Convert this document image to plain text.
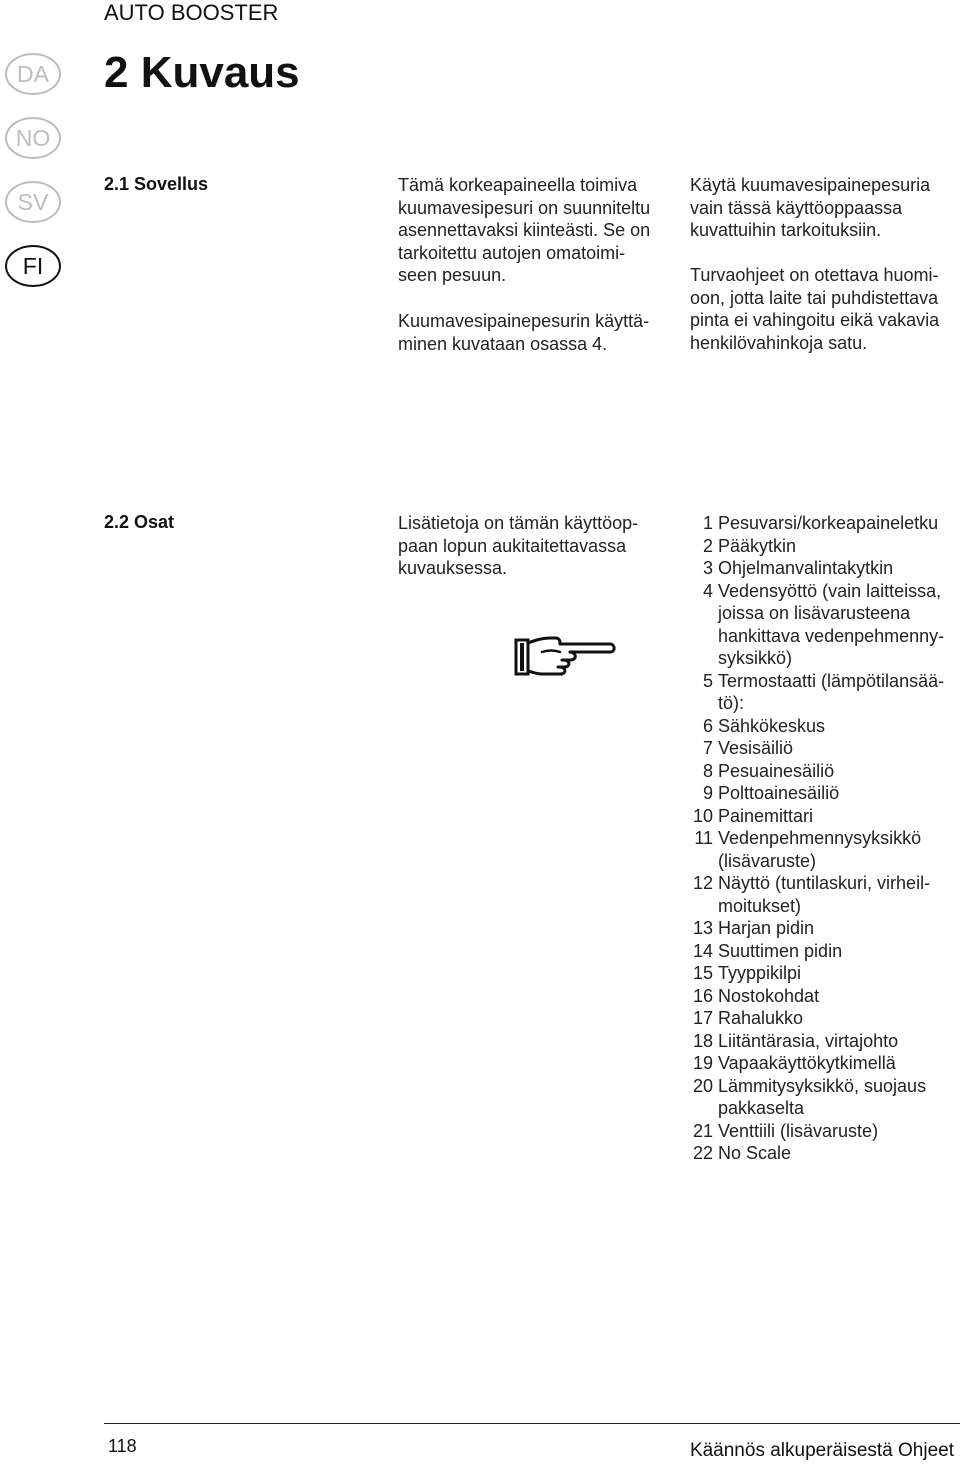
AUTO BOOSTER
2 Kuvaus
DA
NO
SV
FI
2.1 Sovellus	Tämä korkeapaineella toimiva
kuumavesipesuri on suunniteltu
asennettavaksi kiinteästi. Se on
tarkoitettu autojen omatoimi-
seen pesuun.

Kuumavesipainepesurin käyttä-
minen kuvataan osassa 4.

Käytä kuumavesipainepesuria
vain tässä käyttöoppaassa
kuvattuihin tarkoituksiin.

Turvaohjeet on otettava huomi-
oon, jotta laite tai puhdistettava
pinta ei vahingoitu eikä vakavia
henkilövahinkoja satu.

2.2 Osat	Lisätietoja on tämän käyttöop-
paan lopun aukitaitettavassa
kuvauksessa.

1 Pesuvarsi/korkeapaineletku
2 Pääkytkin
3 Ohjelmanvalintakytkin
4 Vedensyöttö (vain laitteissa,
joissa on lisävarusteena
hankittava vedenpehmenny-
syksikkö)
5 Termostaatti (lämpötilansää-
tö):
6 Sähkökeskus
7 Vesisäiliö
8 Pesuainesäiliö
9 Polttoainesäiliö
10 Painemittari
11 Vedenpehmennysyksikkö
(lisävaruste)
12 Näyttö (tuntilaskuri, virheil-
moitukset)
13 Harjan pidin
14 Suuttimen pidin
15 Tyyppikilpi
16 Nostokohdat
17 Rahalukko
18 Liitäntärasia, virtajohto
19 Vapaakäyttökytkimellä
20 Lämmitysyksikkö, suojaus
pakkaselta
21 Venttiili (lisävaruste)
22 No Scale
118	Käännös alkuperäisestä Ohjeet
